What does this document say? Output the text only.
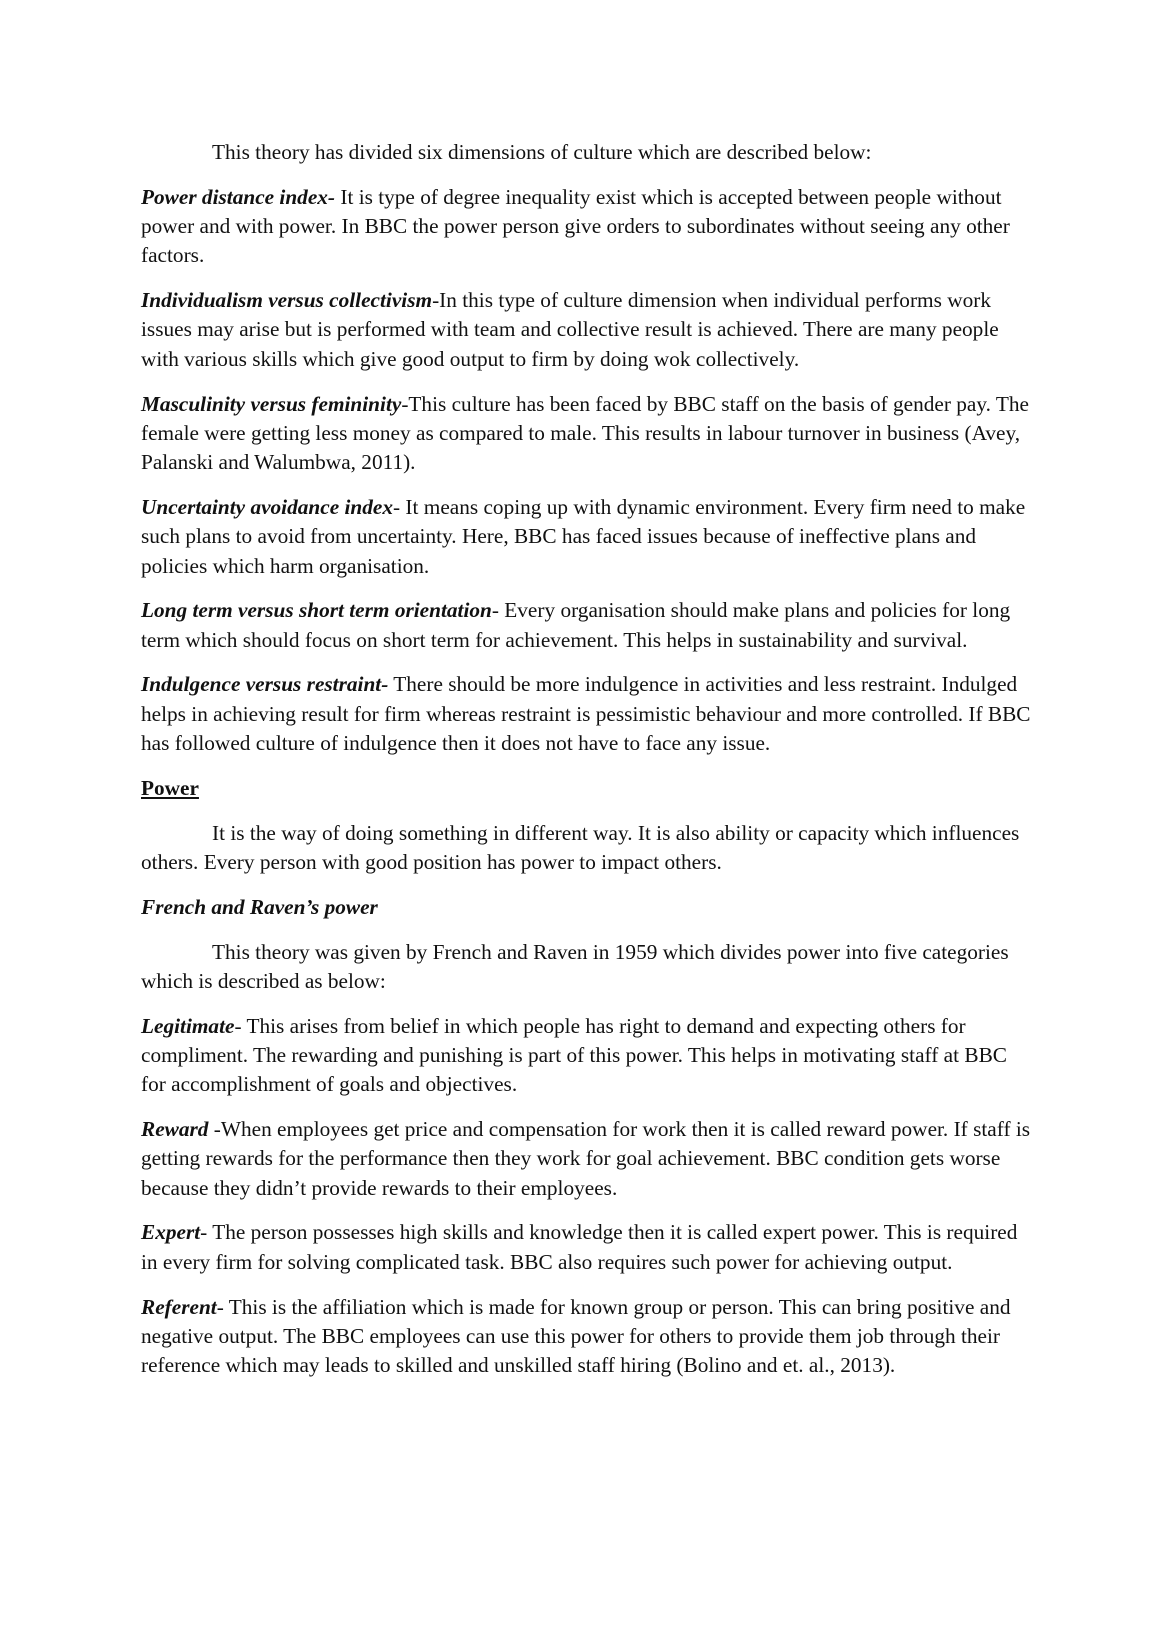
This theory has divided six dimensions of culture which are described below:

Power distance index- It is type of degree inequality exist which is accepted between people without power and with power. In BBC the power person give orders to subordinates without seeing any other factors.

Individualism versus collectivism-In this type of culture dimension when individual performs work issues may arise but is performed with team and collective result is achieved. There are many people with various skills which give good output to firm by doing wok collectively.

Masculinity versus femininity-This culture has been faced by BBC staff on the basis of gender pay. The female were getting less money as compared to male. This results in labour turnover in business (Avey, Palanski and Walumbwa, 2011).

Uncertainty avoidance index- It means coping up with dynamic environment. Every firm need to make such plans to avoid from uncertainty. Here, BBC has faced issues because of ineffective plans and policies which harm organisation.

Long term versus short term orientation- Every organisation should make plans and policies for long term which should focus on short term for achievement. This helps in sustainability and survival.

Indulgence versus restraint- There should be more indulgence in activities and less restraint. Indulged helps in achieving result for firm whereas restraint is pessimistic behaviour and more controlled. If BBC has followed culture of indulgence then it does not have to face any issue.

Power

It is the way of doing something in different way. It is also ability or capacity which influences others. Every person with good position has power to impact others.

French and Raven’s power

This theory was given by French and Raven in 1959 which divides power into five categories which is described as below:

Legitimate- This arises from belief in which people has right to demand and expecting others for compliment. The rewarding and punishing is part of this power. This helps in motivating staff at BBC for accomplishment of goals and objectives.

Reward -When employees get price and compensation for work then it is called reward power. If staff is getting rewards for the performance then they work for goal achievement. BBC condition gets worse because they didn’t provide rewards to their employees.

Expert- The person possesses high skills and knowledge then it is called expert power. This is required in every firm for solving complicated task. BBC also requires such power for achieving output.

Referent- This is the affiliation which is made for known group or person. This can bring positive and negative output. The BBC employees can use this power for others to provide them job through their reference which may leads to skilled and unskilled staff hiring (Bolino and et. al., 2013).
